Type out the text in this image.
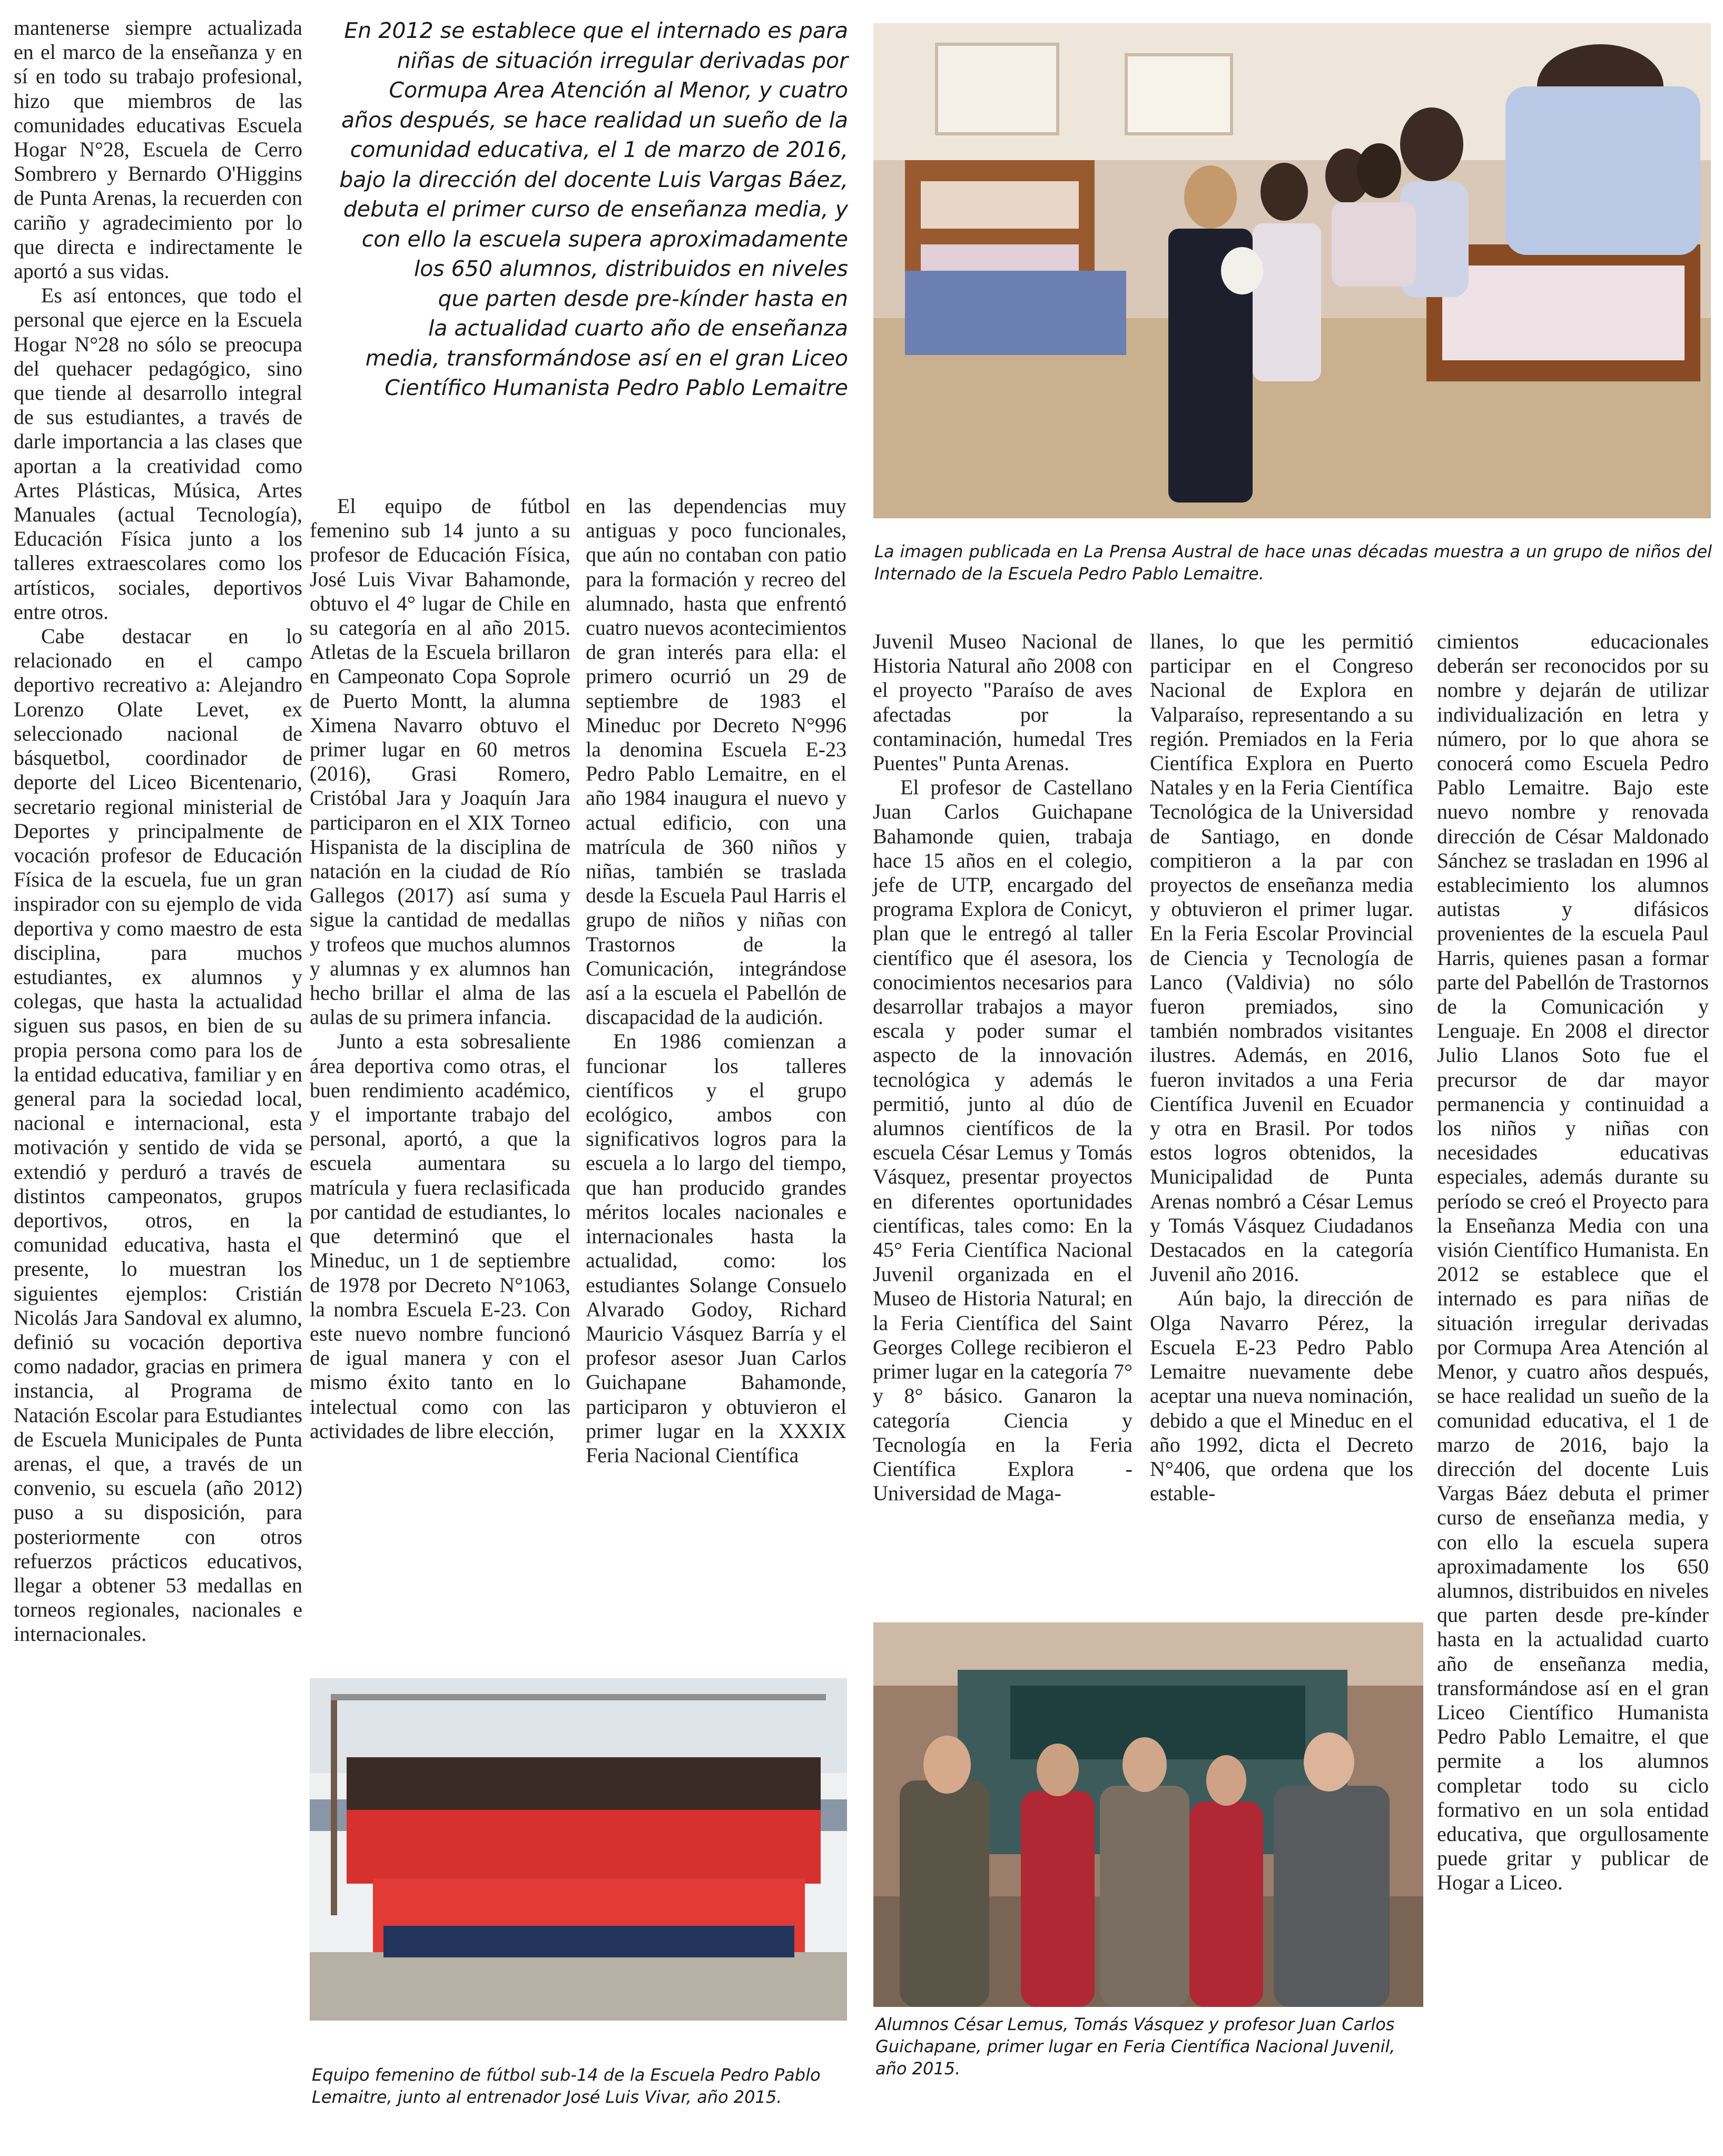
En 2012 se establece que el internado es para
niñas de situación irregular derivadas por
Cormupa Area Atención al Menor, y cuatro
años después, se hace realidad un sueño de la
comunidad educativa, el 1 de marzo de 2016,
bajo la dirección del docente Luis Vargas Báez,
debuta el primer curso de enseñanza media, y
con ello la escuela supera aproximadamente
los 650 alumnos, distribuidos en niveles
que parten desde pre-kínder hasta en
la actualidad cuarto año de enseñanza
media, transformándose así en el gran Liceo
Científico Humanista Pedro Pablo Lemaitre
La imagen publicada en La Prensa Austral de hace unas décadas muestra a un grupo de niños del Internado de la Escuela Pedro Pablo Lemaitre.

mantenerse siempre actualizada en el marco de la enseñanza y en sí en todo su trabajo profesional, hizo que miembros de las comunidades educativas Escuela Hogar N°28, Escuela de Cerro Sombrero y Bernardo O'Higgins de Punta Arenas, la recuerden con cariño y agradecimiento por lo que directa e indirectamente le aportó a sus vidas.

Es así entonces, que todo el personal que ejerce en la Escuela Hogar N°28 no sólo se preocupa del quehacer pedagógico, sino que tiende al desarrollo integral de sus estudiantes, a través de darle importancia a las clases que aportan a la creatividad como Artes Plásticas, Música, Artes Manuales (actual Tecnología), Educación Física junto a los talleres extraescolares como los artísticos, sociales, deportivos entre otros.

Cabe destacar en lo relacionado en el campo deportivo recreativo a: Alejandro Lorenzo Olate Levet, ex seleccionado nacional de básquetbol, coordinador de deporte del Liceo Bicentenario, secretario regional ministerial de Deportes y principalmente de vocación profesor de Educación Física de la escuela, fue un gran inspirador con su ejemplo de vida deportiva y como maestro de esta disciplina, para muchos estudiantes, ex alumnos y colegas, que hasta la actualidad siguen sus pasos, en bien de su propia persona como para los de la entidad educativa, familiar y en general para la sociedad local, nacional e internacional, esta motivación y sentido de vida se extendió y perduró a través de distintos campeonatos, grupos deportivos, otros, en la comunidad educativa, hasta el presente, lo muestran los siguientes ejemplos: Cristián Nicolás Jara Sandoval ex alumno, definió su vocación deportiva como nadador, gracias en primera instancia, al Programa de Natación Escolar para Estudiantes de Escuela Municipales de Punta arenas, el que, a través de un convenio, su escuela (año 2012) puso a su disposición, para posteriormente con otros refuerzos prácticos educativos, llegar a obtener 53 medallas en torneos regionales, nacionales e internacionales.

El equipo de fútbol femenino sub 14 junto a su profesor de Educación Física, José Luis Vivar Bahamonde, obtuvo el 4° lugar de Chile en su categoría en al año 2015. Atletas de la Escuela brillaron en Campeonato Copa Soprole de Puerto Montt, la alumna Ximena Navarro obtuvo el primer lugar en 60 metros (2016), Grasi Romero, Cristóbal Jara y Joaquín Jara participaron en el XIX Torneo Hispanista de la disciplina de natación en la ciudad de Río Gallegos (2017) así suma y sigue la cantidad de medallas y trofeos que muchos alumnos y alumnas y ex alumnos han hecho brillar el alma de las aulas de su primera infancia.

Junto a esta sobresaliente área deportiva como otras, el buen rendimiento académico, y el importante trabajo del personal, aportó, a que la escuela aumentara su matrícula y fuera reclasificada por cantidad de estudiantes, lo que determinó que el Mineduc, un 1 de septiembre de 1978 por Decreto N°1063, la nombra Escuela E-23. Con este nuevo nombre funcionó de igual manera y con el mismo éxito tanto en lo intelectual como con las actividades de libre elección,

en las dependencias muy antiguas y poco funcionales, que aún no contaban con patio para la formación y recreo del alumnado, hasta que enfrentó cuatro nuevos acontecimientos de gran interés para ella: el primero ocurrió un 29 de septiembre de 1983 el Mineduc por Decreto N°996 la denomina Escuela E-23 Pedro Pablo Lemaitre, en el año 1984 inaugura el nuevo y actual edificio, con una matrícula de 360 niños y niñas, también se traslada desde la Escuela Paul Harris el grupo de niños y niñas con Trastornos de la Comunicación, integrándose así a la escuela el Pabellón de discapacidad de la audición.

En 1986 comienzan a funcionar los talleres científicos y el grupo ecológico, ambos con significativos logros para la escuela a lo largo del tiempo, que han producido grandes méritos locales nacionales e internacionales hasta la actualidad, como: los estudiantes Solange Consuelo Alvarado Godoy, Richard Mauricio Vásquez Barría y el profesor asesor Juan Carlos Guichapane Bahamonde, participaron y obtuvieron el primer lugar en la XXXIX Feria Nacional Científica

Equipo femenino de fútbol sub-14 de la Escuela Pedro Pablo Lemaitre, junto al entrenador José Luis Vivar, año 2015.

Juvenil Museo Nacional de Historia Natural año 2008 con el proyecto "Paraíso de aves afectadas por la contaminación, humedal Tres Puentes" Punta Arenas.

El profesor de Castellano Juan Carlos Guichapane Bahamonde quien, trabaja hace 15 años en el colegio, jefe de UTP, encargado del programa Explora de Conicyt, plan que le entregó al taller científico que él asesora, los conocimientos necesarios para desarrollar trabajos a mayor escala y poder sumar el aspecto de la innovación tecnológica y además le permitió, junto al dúo de alumnos científicos de la escuela César Lemus y Tomás Vásquez, presentar proyectos en diferentes oportunidades científicas, tales como: En la 45° Feria Científica Nacional Juvenil organizada en el Museo de Historia Natural; en la Feria Científica del Saint Georges College recibieron el primer lugar en la categoría 7° y 8° básico. Ganaron la categoría Ciencia y Tecnología en la Feria Científica Explora - Universidad de Maga-

llanes, lo que les permitió participar en el Congreso Nacional de Explora en Valparaíso, representando a su región. Premiados en la Feria Científica Explora en Puerto Natales y en la Feria Científica Tecnológica de la Universidad de Santiago, en donde compitieron a la par con proyectos de enseñanza media y obtuvieron el primer lugar. En la Feria Escolar Provincial de Ciencia y Tecnología de Lanco (Valdivia) no sólo fueron premiados, sino también nombrados visitantes ilustres. Además, en 2016, fueron invitados a una Feria Científica Juvenil en Ecuador y otra en Brasil. Por todos estos logros obtenidos, la Municipalidad de Punta Arenas nombró a César Lemus y Tomás Vásquez Ciudadanos Destacados en la categoría Juvenil año 2016.

Aún bajo, la dirección de Olga Navarro Pérez, la Escuela E-23 Pedro Pablo Lemaitre nuevamente debe aceptar una nueva nominación, debido a que el Mineduc en el año 1992, dicta el Decreto N°406, que ordena que los estable-

Alumnos César Lemus, Tomás Vásquez y profesor Juan Carlos Guichapane, primer lugar en Feria Científica Nacional Juvenil, año 2015.

cimientos educacionales deberán ser reconocidos por su nombre y dejarán de utilizar individualización en letra y número, por lo que ahora se conocerá como Escuela Pedro Pablo Lemaitre. Bajo este nuevo nombre y renovada dirección de César Maldonado Sánchez se trasladan en 1996 al establecimiento los alumnos autistas y difásicos provenientes de la escuela Paul Harris, quienes pasan a formar parte del Pabellón de Trastornos de la Comunicación y Lenguaje. En 2008 el director Julio Llanos Soto fue el precursor de dar mayor permanencia y continuidad a los niños y niñas con necesidades educativas especiales, además durante su período se creó el Proyecto para la Enseñanza Media con una visión Científico Humanista. En 2012 se establece que el internado es para niñas de situación irregular derivadas por Cormupa Area Atención al Menor, y cuatro años después, se hace realidad un sueño de la comunidad educativa, el 1 de marzo de 2016, bajo la dirección del docente Luis Vargas Báez debuta el primer curso de enseñanza media, y con ello la escuela supera aproximadamente los 650 alumnos, distribuidos en niveles que parten desde pre-kínder hasta en la actualidad cuarto año de enseñanza media, transformándose así en el gran Liceo Científico Humanista Pedro Pablo Lemaitre, el que permite a los alumnos completar todo su ciclo formativo en un sola entidad educativa, que orgullosamente puede gritar y publicar de Hogar a Liceo.
